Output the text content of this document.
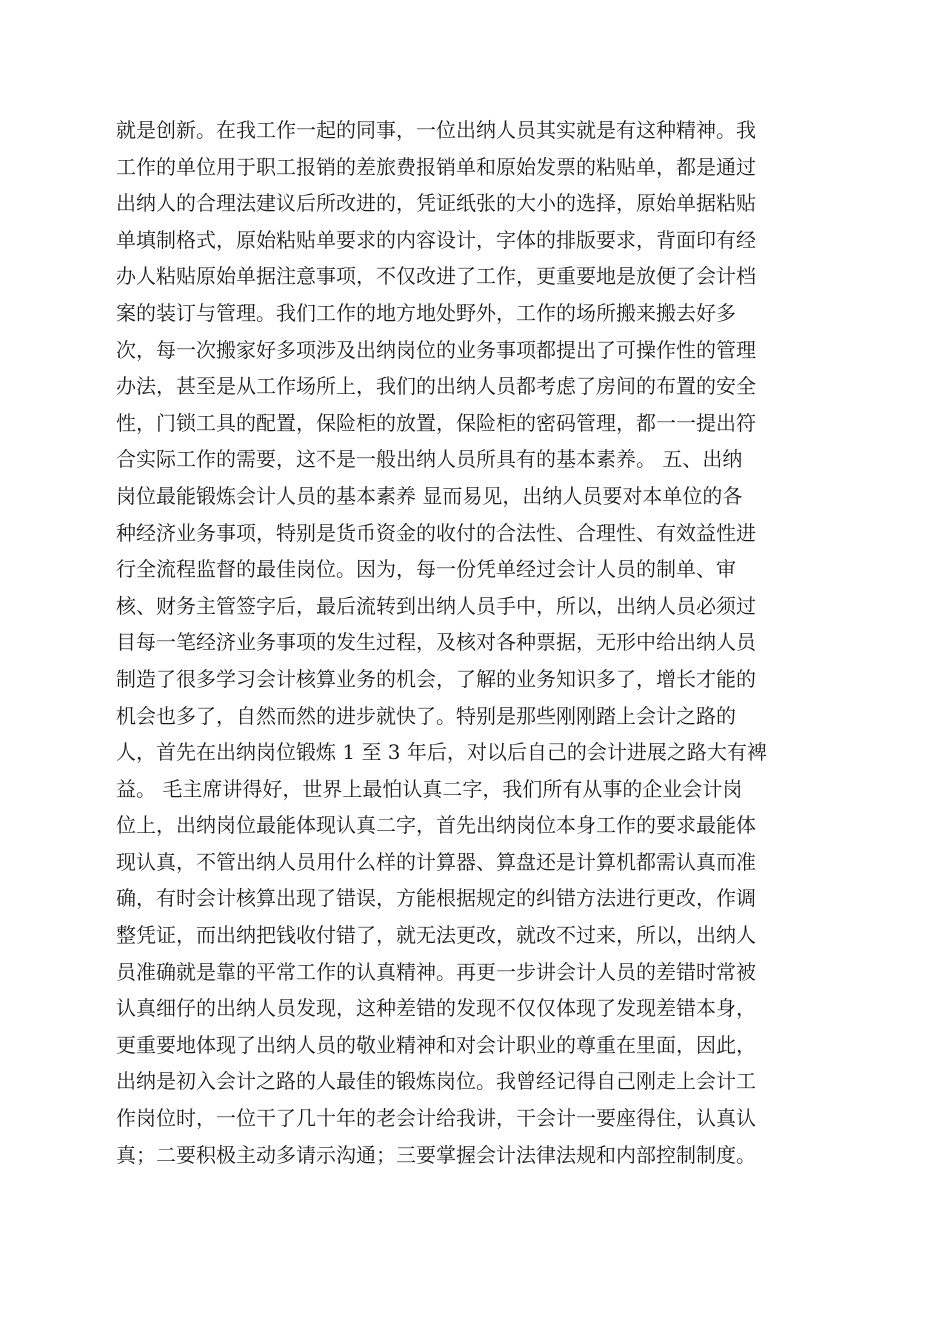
就是创新。在我工作一起的同事，一位出纳人员其实就是有这种精神。我
工作的单位用于职工报销的差旅费报销单和原始发票的粘贴单，都是通过
出纳人的合理法建议后所改进的，凭证纸张的大小的选择，原始单据粘贴
单填制格式，原始粘贴单要求的内容设计，字体的排版要求，背面印有经
办人粘贴原始单据注意事项，不仅改进了工作，更重要地是放便了会计档
案的装订与管理。我们工作的地方地处野外，工作的场所搬来搬去好多
次，每一次搬家好多项涉及出纳岗位的业务事项都提出了可操作性的管理
办法，甚至是从工作场所上，我们的出纳人员都考虑了房间的布置的安全
性，门锁工具的配置，保险柜的放置，保险柜的密码管理，都一一提出符
合实际工作的需要，这不是一般出纳人员所具有的基本素养。 五、出纳
岗位最能锻炼会计人员的基本素养 显而易见，出纳人员要对本单位的各
种经济业务事项，特别是货币资金的收付的合法性、合理性、有效益性进
行全流程监督的最佳岗位。因为，每一份凭单经过会计人员的制单、审
核、财务主管签字后，最后流转到出纳人员手中，所以，出纳人员必须过
目每一笔经济业务事项的发生过程，及核对各种票据，无形中给出纳人员
制造了很多学习会计核算业务的机会，了解的业务知识多了，增长才能的
机会也多了，自然而然的进步就快了。特别是那些刚刚踏上会计之路的
人，首先在出纳岗位锻炼 1 至 3 年后，对以后自己的会计进展之路大有裨
益。 毛主席讲得好，世界上最怕认真二字，我们所有从事的企业会计岗
位上，出纳岗位最能体现认真二字，首先出纳岗位本身工作的要求最能体
现认真，不管出纳人员用什么样的计算器、算盘还是计算机都需认真而准
确，有时会计核算出现了错误，方能根据规定的纠错方法进行更改，作调
整凭证，而出纳把钱收付错了，就无法更改，就改不过来，所以，出纳人
员准确就是靠的平常工作的认真精神。再更一步讲会计人员的差错时常被
认真细仔的出纳人员发现，这种差错的发现不仅仅体现了发现差错本身，
更重要地体现了出纳人员的敬业精神和对会计职业的尊重在里面，因此，
出纳是初入会计之路的人最佳的锻炼岗位。我曾经记得自己刚走上会计工
作岗位时，一位干了几十年的老会计给我讲，干会计一要座得住，认真认
真；二要积极主动多请示沟通；三要掌握会计法律法规和内部控制制度。
